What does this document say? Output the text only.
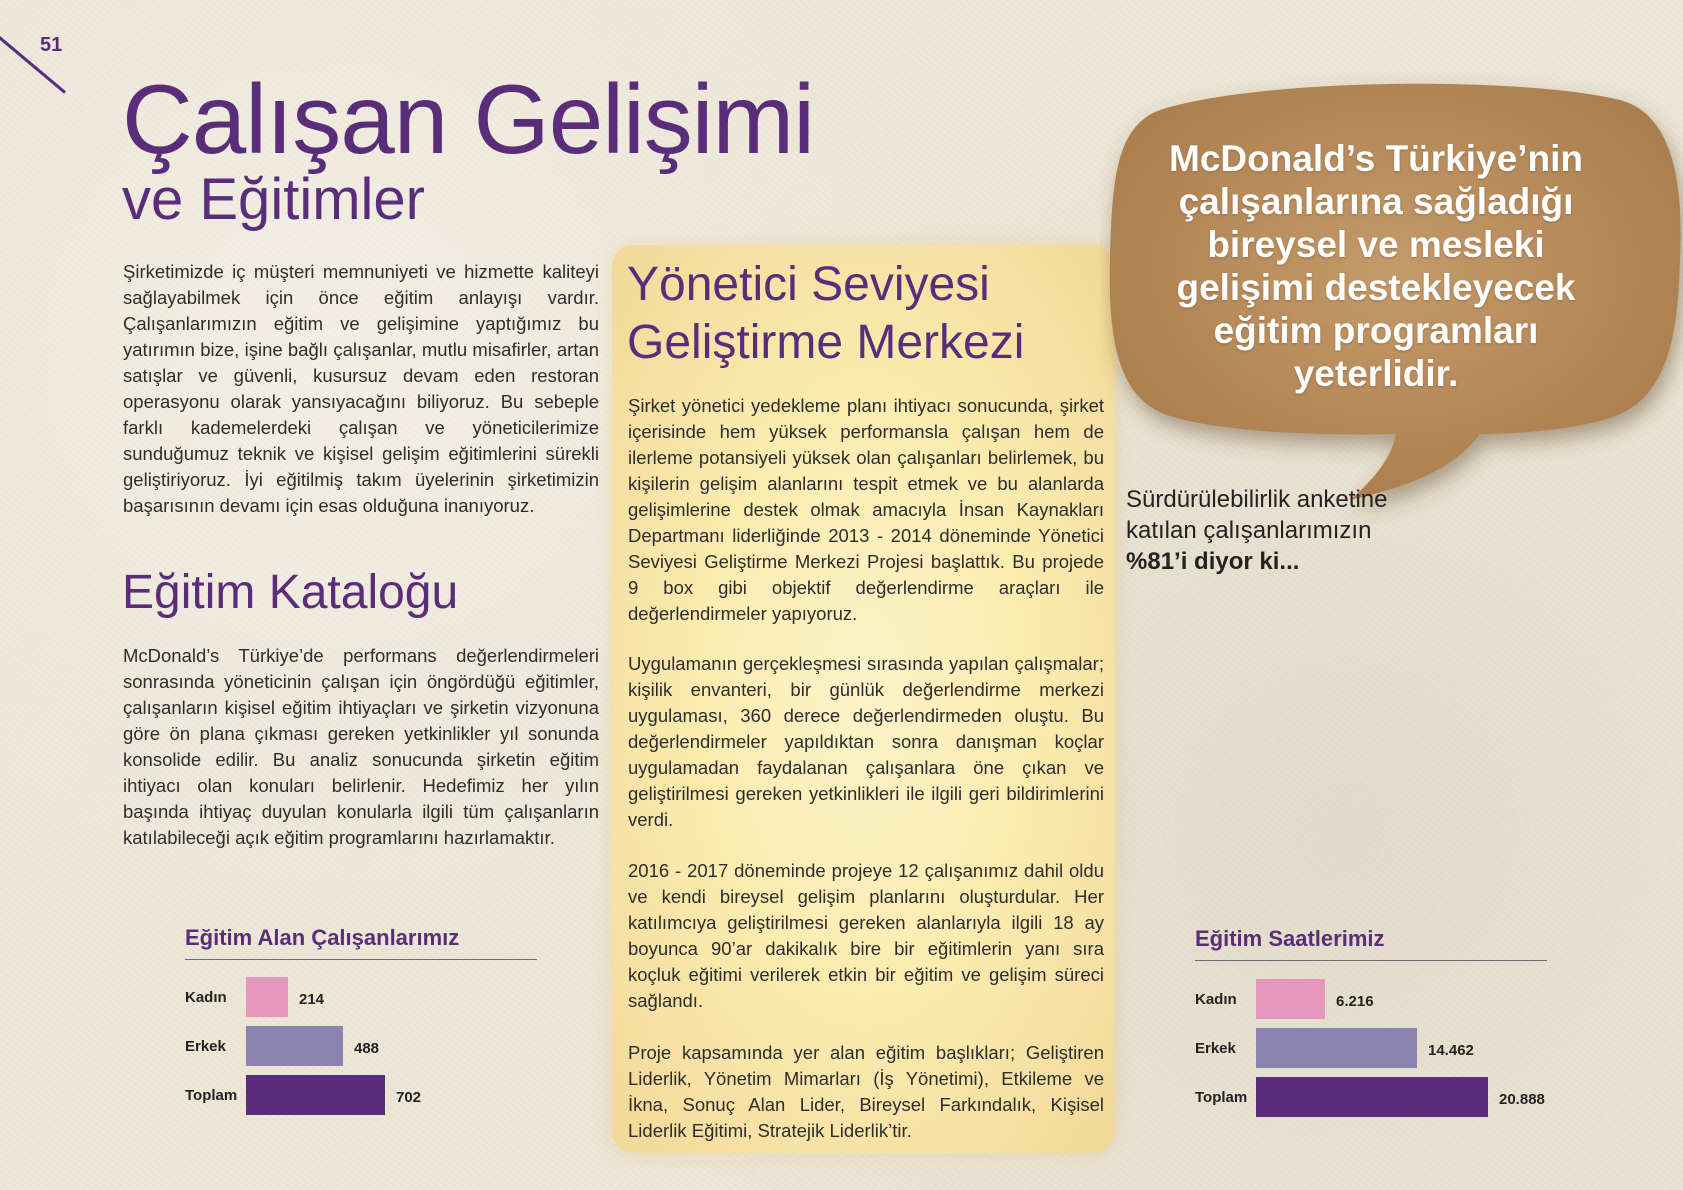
51
Çalışan Gelişimi
ve Eğitimler
Şirketimizde iç müşteri memnuniyeti ve hizmette kaliteyi sağlayabilmek için önce eğitim anlayışı vardır. Çalışanlarımızın eğitim ve gelişimine yaptığımız bu yatırımın bize, işine bağlı çalışanlar, mutlu misafirler, artan satışlar ve güvenli, kusursuz devam eden restoran operasyonu olarak yansıyacağını biliyoruz. Bu sebeple farklı kademelerdeki çalışan ve yöneticilerimize sunduğumuz teknik ve kişisel gelişim eğitimlerini sürekli geliştiriyoruz. İyi eğitilmiş takım üyelerinin şirketimizin başarısının devamı için esas olduğuna inanıyoruz.
Eğitim Kataloğu
McDonald’s Türkiye’de performans değerlendirmeleri sonrasında yöneticinin çalışan için öngördüğü eğitimler, çalışanların kişisel eğitim ihtiyaçları ve şirketin vizyonuna göre ön plana çıkması gereken yetkinlikler yıl sonunda konsolide edilir. Bu analiz sonucunda şirketin eğitim ihtiyacı olan konuları belirlenir. Hedefimiz her yılın başında ihtiyaç duyulan konularla ilgili tüm çalışanların katılabileceği açık eğitim programlarını hazırlamaktır.
Yönetici Seviyesi
Geliştirme Merkezi
Şirket yönetici yedekleme planı ihtiyacı sonucunda, şirket içerisinde hem yüksek performansla çalışan hem de ilerleme potansiyeli yüksek olan çalışanları belirlemek, bu kişilerin gelişim alanlarını tespit etmek ve bu alanlarda gelişimlerine destek olmak amacıyla İnsan Kaynakları Departmanı liderliğinde 2013 - 2014 döneminde Yönetici Seviyesi Geliştirme Merkezi Projesi başlattık. Bu projede 9 box gibi objektif değerlendirme araçları ile değerlendirmeler yapıyoruz.
Uygulamanın gerçekleşmesi sırasında yapılan çalışmalar; kişilik envanteri, bir günlük değerlendirme merkezi uygulaması, 360 derece değerlendirmeden oluştu. Bu değerlendirmeler yapıldıktan sonra danışman koçlar uygulamadan faydalanan çalışanlara öne çıkan ve geliştirilmesi gereken yetkinlikleri ile ilgili geri bildirimlerini verdi.
2016 - 2017 döneminde projeye 12 çalışanımız dahil oldu ve kendi bireysel gelişim planlarını oluşturdular. Her katılımcıya geliştirilmesi gereken alanlarıyla ilgili 18 ay boyunca 90’ar dakikalık bire bir eğitimlerin yanı sıra koçluk eğitimi verilerek etkin bir eğitim ve gelişim süreci sağlandı.
Proje kapsamında yer alan eğitim başlıkları; Geliştiren Liderlik, Yönetim Mimarları (İş Yönetimi), Etkileme ve İkna, Sonuç Alan Lider, Bireysel Farkındalık, Kişisel Liderlik Eğitimi, Stratejik Liderlik’tir.
McDonald’s Türkiye’nin
çalışanlarına sağladığı
bireysel ve mesleki
gelişimi destekleyecek
eğitim programları
yeterlidir.
Sürdürülebilirlik anketine
katılan çalışanlarımızın
%81’i diyor ki...
Eğitim Alan Çalışanlarımız
Kadın	214
Erkek	488
Toplam	702
Eğitim Saatlerimiz
Kadın	6.216
Erkek	14.462
Toplam	20.888
